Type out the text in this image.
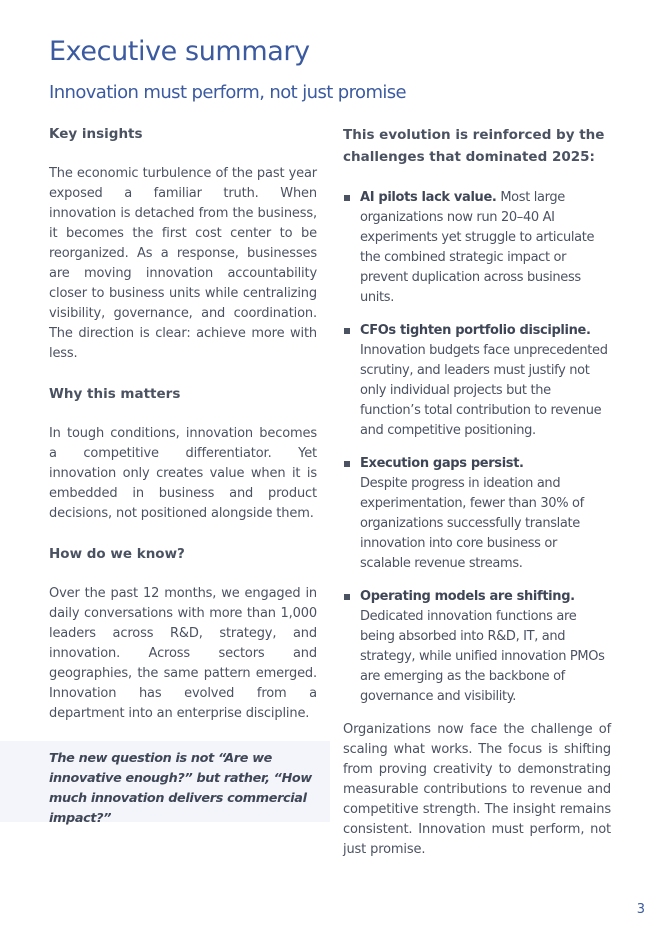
Executive summary
Innovation must perform, not just promise
Key insights

The economic turbulence of the past year exposed a familiar truth. When innovation is detached from the business, it becomes the first cost center to be reorganized. As a response, businesses are moving innovation accountability closer to business units while centralizing visibility, governance, and coordination. The direction is clear: achieve more with less.

Why this matters

In tough conditions, innovation becomes a competitive differentiator. Yet innovation only creates value when it is embedded in business and product decisions, not positioned alongside them.

How do we know?

Over the past 12 months, we engaged in daily conversations with more than 1,000 leaders across R&D, strategy, and innovation. Across sectors and geographies, the same pattern emerged. Innovation has evolved from a department into an enterprise discipline.

The new question is not “Are we innovative enough?” but rather, “How much innovation delivers commercial impact?”

This evolution is reinforced by the challenges that dominated 2025:

AI pilots lack value. Most large organizations now run 20–40 AI experiments yet struggle to articulate the combined strategic impact or prevent duplication across business units.
CFOs tighten portfolio discipline.
Innovation budgets face unprecedented scrutiny, and leaders must justify not only individual projects but the function’s total contribution to revenue and competitive positioning.
Execution gaps persist.
Despite progress in ideation and experimentation, fewer than 30% of organizations successfully translate innovation into core business or scalable revenue streams.
Operating models are shifting.
Dedicated innovation functions are being absorbed into R&D, IT, and strategy, while unified innovation PMOs are emerging as the backbone of governance and visibility.

Organizations now face the challenge of scaling what works. The focus is shifting from proving creativity to demonstrating measurable contributions to revenue and competitive strength. The insight remains consistent. Innovation must perform, not just promise.

3
